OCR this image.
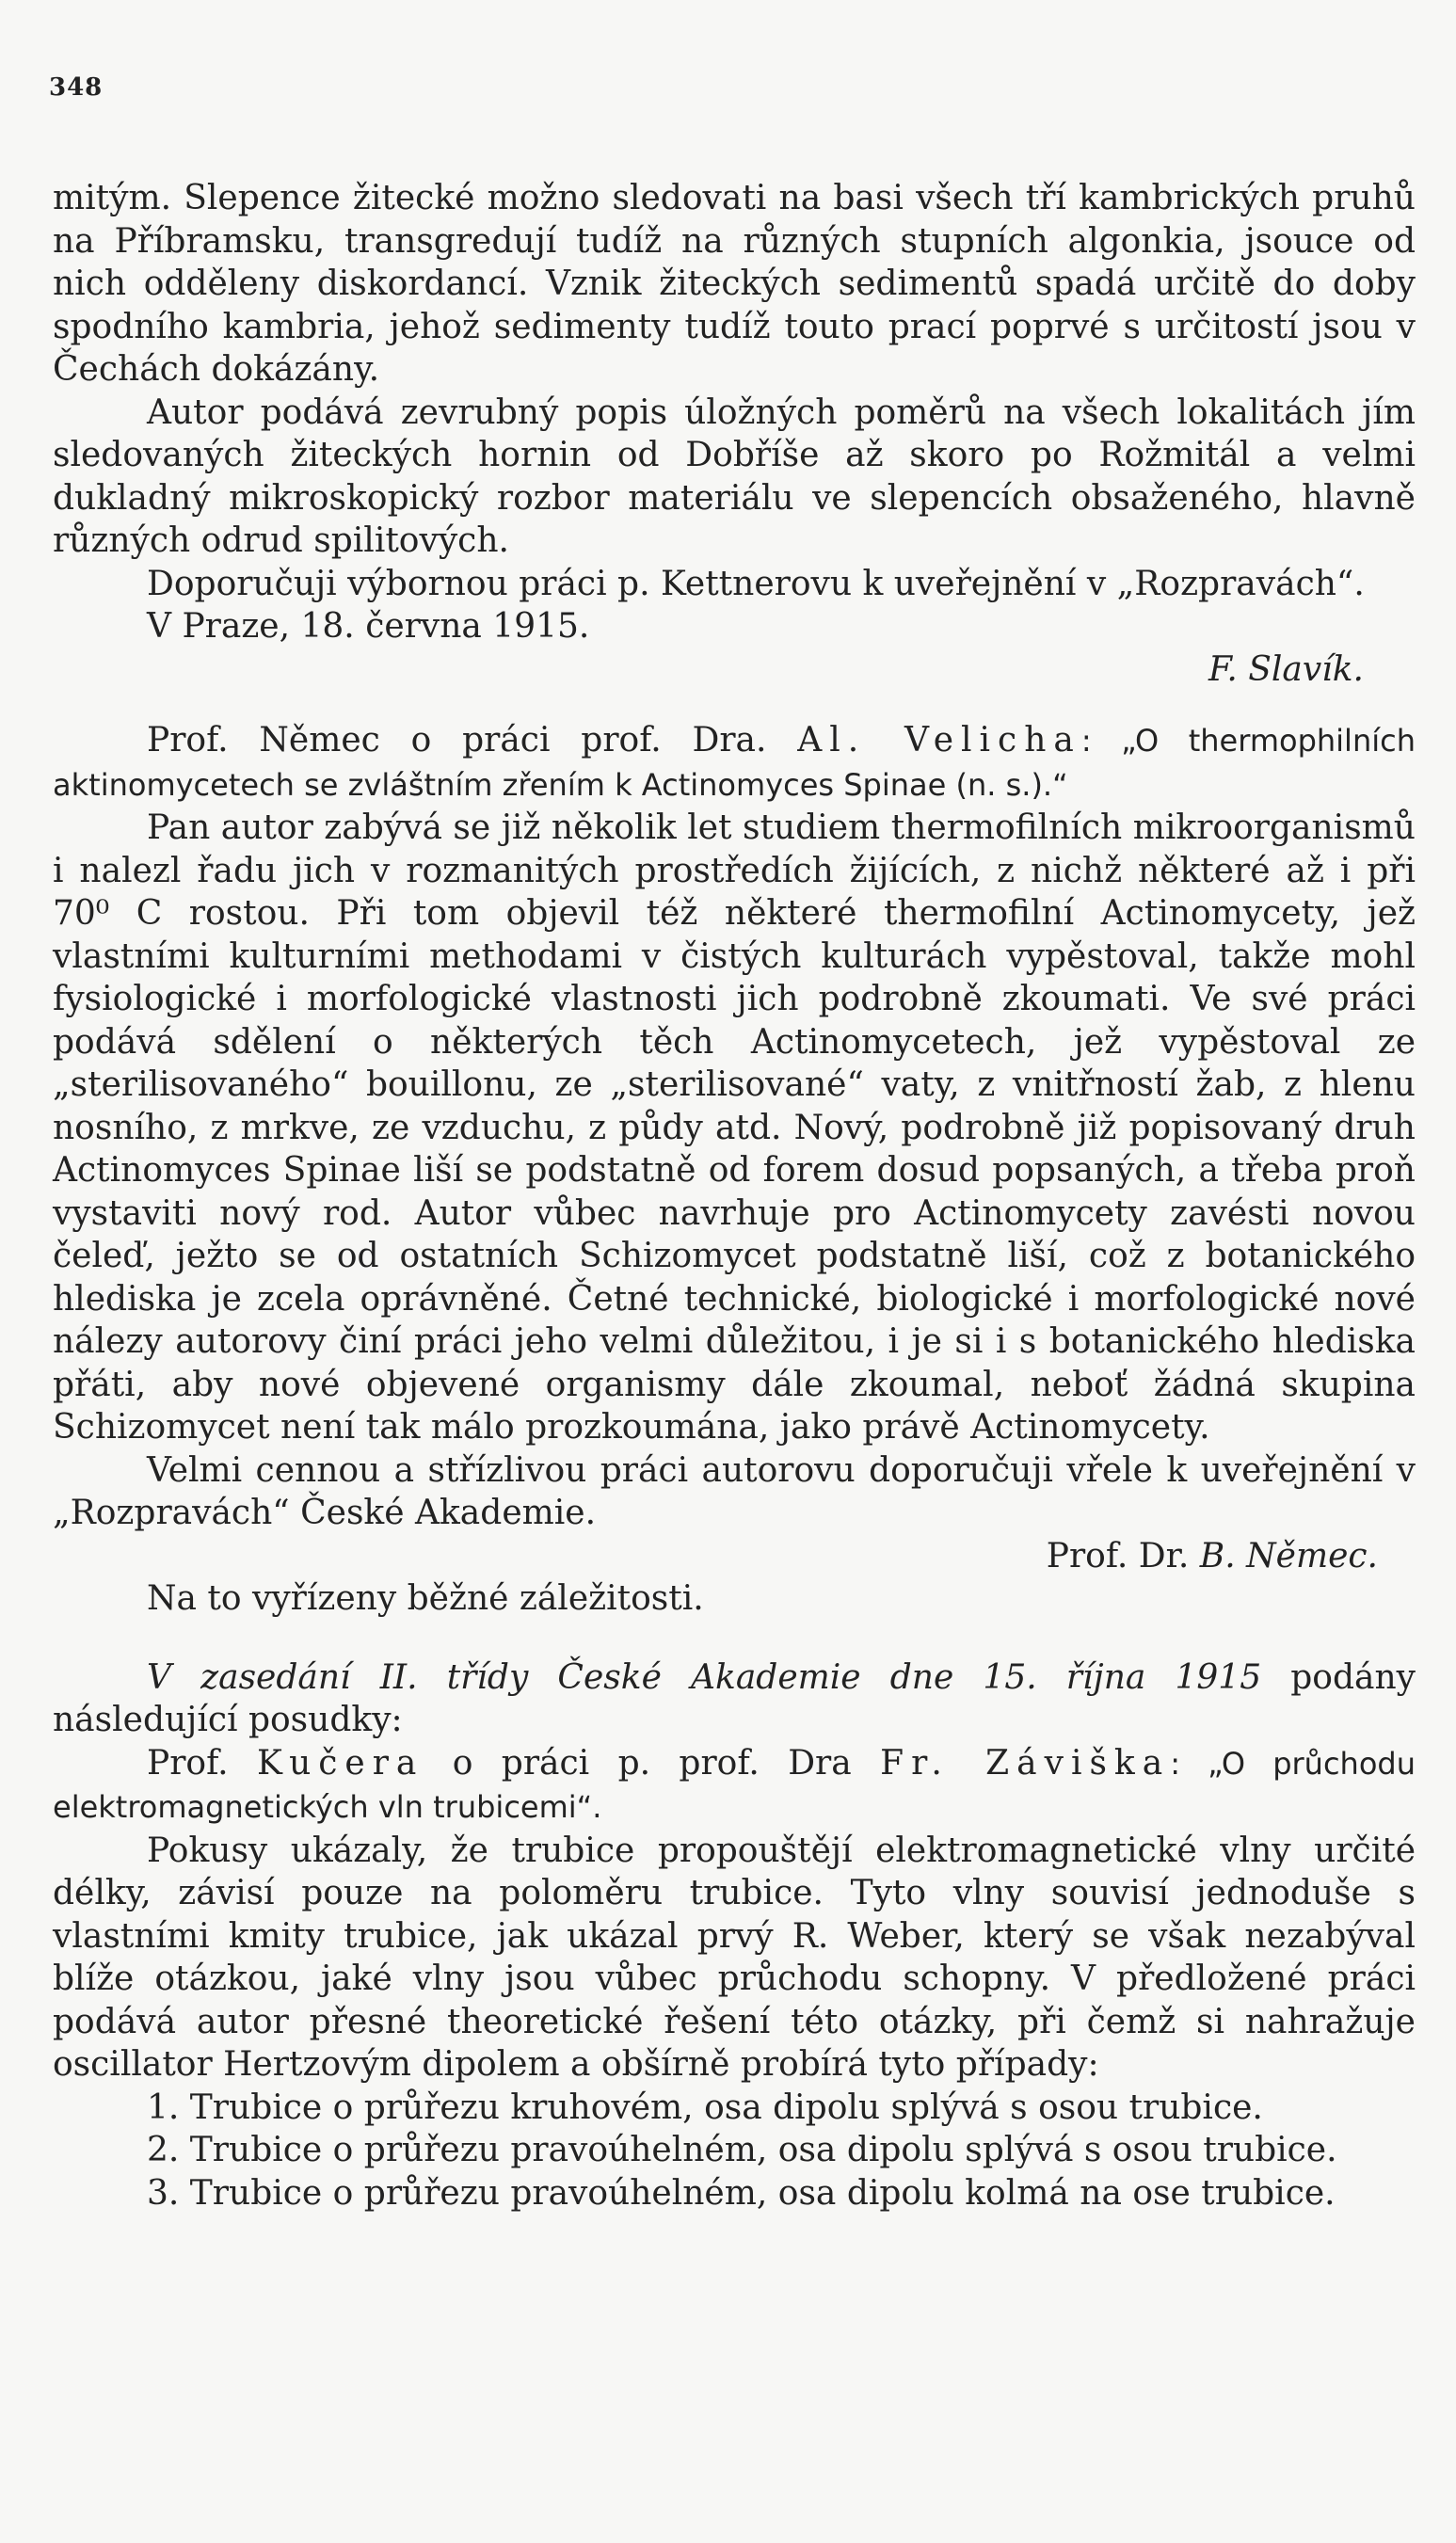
348

mitým. Slepence žitecké možno sledovati na basi všech tří kambrických pruhů na Příbramsku, transgredují tudíž na různých stupních algonkia, jsouce od nich odděleny diskordancí. Vznik žiteckých sedimentů spadá určitě do doby spodního kambria, jehož sedimenty tudíž touto prací poprvé s určitostí jsou v Čechách dokázány.

Autor podává zevrubný popis úložných poměrů na všech lokalitách jím sledovaných žiteckých hornin od Dobříše až skoro po Rožmitál a velmi dukladný mikroskopický rozbor materiálu ve slepencích obsaženého, hlavně různých odrud spilitových.

Doporučuji výbornou práci p. Kettnerovu k uveřejnění v „Rozpravách“.

V Praze, 18. června 1915.

F. Slavík.

Prof. Němec o práci prof. Dra. Al. Velicha: „O thermophilních aktinomycetech se zvláštním zřením k Actinomyces Spinae (n. s.).“

Pan autor zabývá se již několik let studiem thermofilních mikroorganismů i nalezl řadu jich v rozmanitých prostředích žijících, z nichž některé až i při 70⁰ C rostou. Při tom objevil též některé thermofilní Actinomycety, jež vlastními kulturními methodami v čistých kulturách vypěstoval, takže mohl fysiologické i morfologické vlastnosti jich podrobně zkoumati. Ve své práci podává sdělení o některých těch Actinomycetech, jež vypěstoval ze „sterilisovaného“ bouillonu, ze „sterilisované“ vaty, z vnitřností žab, z hlenu nosního, z mrkve, ze vzduchu, z půdy atd. Nový, podrobně již popisovaný druh Actinomyces Spinae liší se podstatně od forem dosud popsaných, a třeba proň vystaviti nový rod. Autor vůbec navrhuje pro Actinomycety zavésti novou čeleď, ježto se od ostatních Schizomycet podstatně liší, což z botanického hlediska je zcela oprávněné. Četné technické, biologické i morfologické nové nálezy autorovy činí práci jeho velmi důležitou, i je si i s botanického hlediska přáti, aby nové objevené organismy dále zkoumal, neboť žádná skupina Schizomycet není tak málo prozkoumána, jako právě Actinomycety.

Velmi cennou a střízlivou práci autorovu doporučuji vřele k uveřejnění v „Rozpravách“ České Akademie.

Prof. Dr. B. Němec.

Na to vyřízeny běžné záležitosti.

V zasedání II. třídy České Akademie dne 15. října 1915 podány následující posudky:

Prof. Kučera o práci p. prof. Dra Fr. Záviška: „O průchodu elektromagnetických vln trubicemi“.

Pokusy ukázaly, že trubice propouštějí elektromagnetické vlny určité délky, závisí pouze na poloměru trubice. Tyto vlny souvisí jednoduše s vlastními kmity trubice, jak ukázal prvý R. Weber, který se však nezabýval blíže otázkou, jaké vlny jsou vůbec průchodu schopny. V předložené práci podává autor přesné theoretické řešení této otázky, při čemž si nahražuje oscillator Hertzovým dipolem a obšírně probírá tyto případy:

1. Trubice o průřezu kruhovém, osa dipolu splývá s osou trubice.

2. Trubice o průřezu pravoúhelném, osa dipolu splývá s osou trubice.

3. Trubice o průřezu pravoúhelném, osa dipolu kolmá na ose trubice.
